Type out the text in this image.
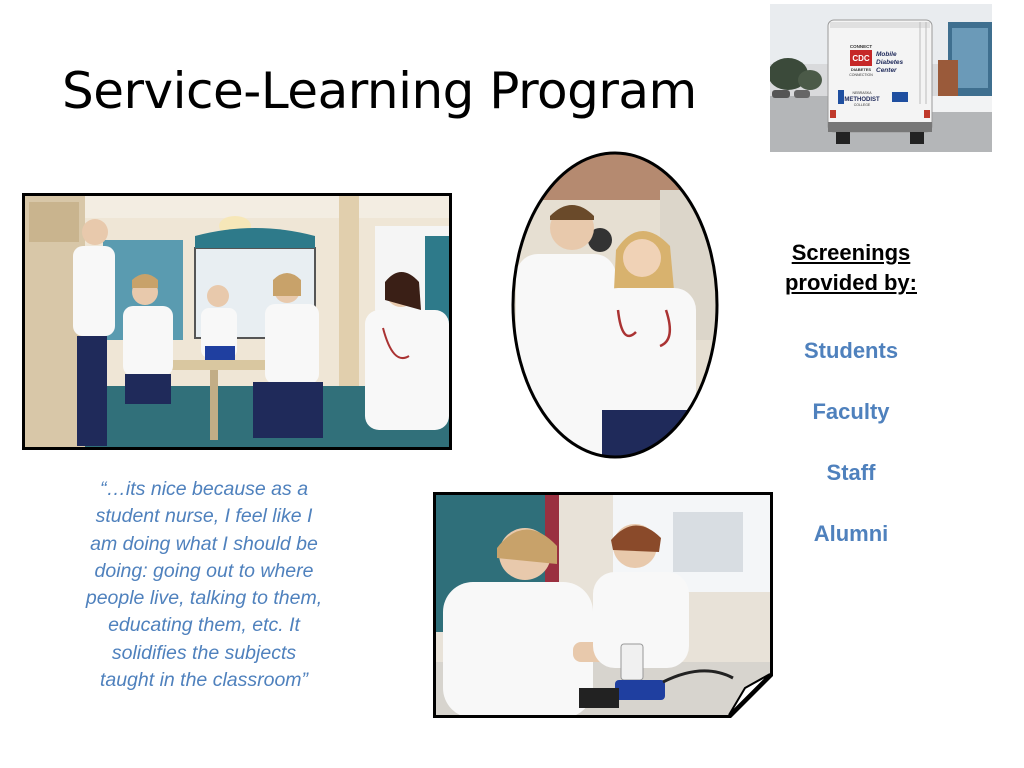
Service-Learning Program
CDC
CONNECT
DIABETES
CONNECTION
Mobile
Diabetes
Center
NEBRASKA
METHODIST
COLLEGE

Screenings
provided by:

Students
Faculty
Staff
Alumni

“…its nice because as a student nurse, I feel like I am doing what I should be doing: going out to where people live, talking to them, educating them, etc. It solidifies the subjects taught in the classroom”
